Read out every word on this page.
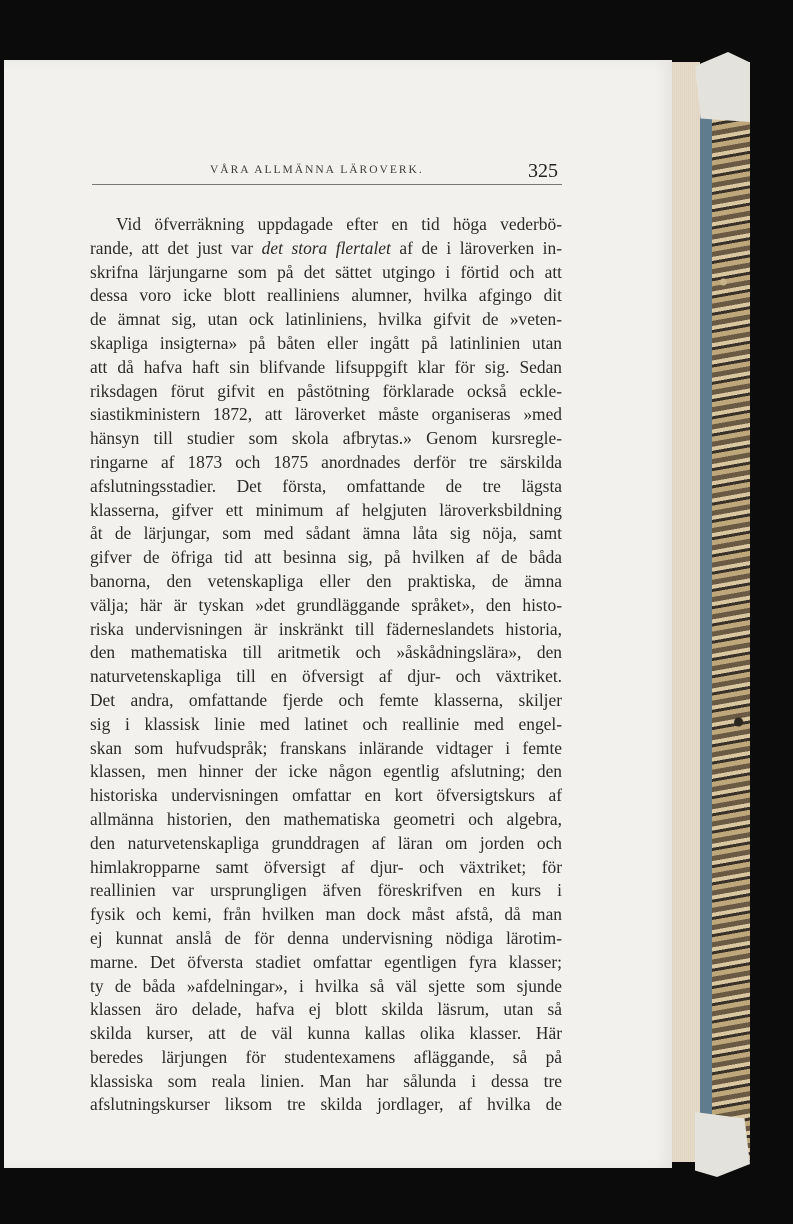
VÅRA ALLMÄNNA LÄROVERK.	325
Vid öfverräkning uppdagade efter en tid höga vederbö-
rande, att det just var det stora flertalet af de i läroverken in-
skrifna lärjungarne som på det sättet utgingo i förtid och att
dessa voro icke blott realliniens alumner, hvilka afgingo dit
de ämnat sig, utan ock latinliniens, hvilka gifvit de »veten-
skapliga insigterna» på båten eller ingått på latinlinien utan
att då hafva haft sin blifvande lifsuppgift klar för sig. Sedan
riksdagen förut gifvit en påstötning förklarade också eckle-
siastikministern 1872, att läroverket måste organiseras »med
hänsyn till studier som skola afbrytas.» Genom kursregle-
ringarne af 1873 och 1875 anordnades derför tre särskilda
afslutningsstadier. Det första, omfattande de tre lägsta
klasserna, gifver ett minimum af helgjuten läroverksbildning
åt de lärjungar, som med sådant ämna låta sig nöja, samt
gifver de öfriga tid att besinna sig, på hvilken af de båda
banorna, den vetenskapliga eller den praktiska, de ämna
välja; här är tyskan »det grundläggande språket», den histo-
riska undervisningen är inskränkt till fäderneslandets historia,
den mathematiska till aritmetik och »åskådningslära», den
naturvetenskapliga till en öfversigt af djur- och växtriket.
Det andra, omfattande fjerde och femte klasserna, skiljer
sig i klassisk linie med latinet och reallinie med engel-
skan som hufvudspråk; franskans inlärande vidtager i femte
klassen, men hinner der icke någon egentlig afslutning; den
historiska undervisningen omfattar en kort öfversigtskurs af
allmänna historien, den mathematiska geometri och algebra,
den naturvetenskapliga grunddragen af läran om jorden och
himlakropparne samt öfversigt af djur- och växtriket; för
reallinien var ursprungligen äfven föreskrifven en kurs i
fysik och kemi, från hvilken man dock måst afstå, då man
ej kunnat anslå de för denna undervisning nödiga lärotim-
marne. Det öfversta stadiet omfattar egentligen fyra klasser;
ty de båda »afdelningar», i hvilka så väl sjette som sjunde
klassen äro delade, hafva ej blott skilda läsrum, utan så
skilda kurser, att de väl kunna kallas olika klasser. Här
beredes lärjungen för studentexamens afläggande, så på
klassiska som reala linien. Man har sålunda i dessa tre
afslutningskurser liksom tre skilda jordlager, af hvilka de
